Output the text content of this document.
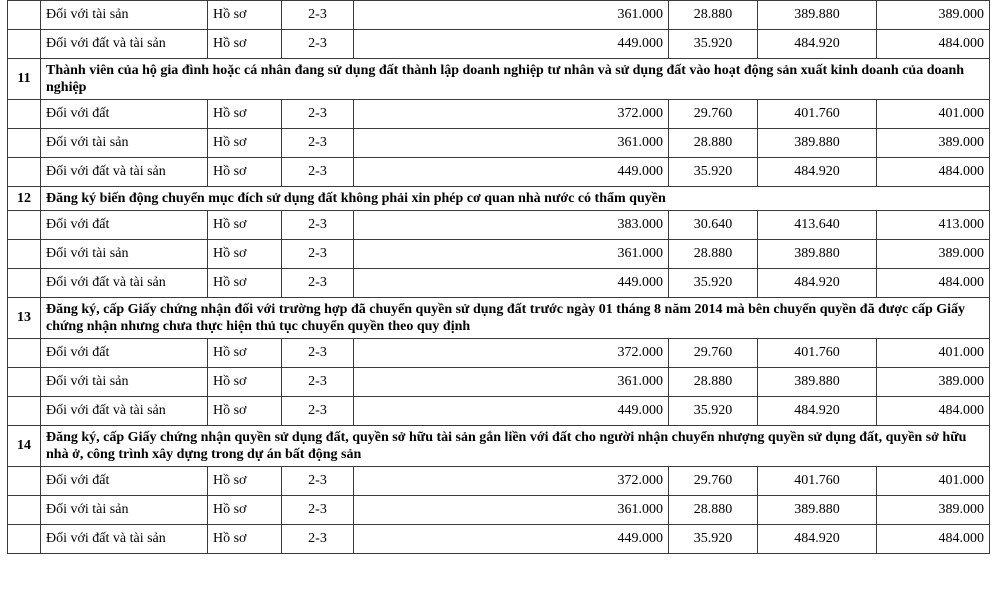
	Đối với tài sản	Hồ sơ	2-3	361.000	28.880	389.880	389.000
	Đối với đất và tài sản	Hồ sơ	2-3	449.000	35.920	484.920	484.000
11	Thành viên của hộ gia đình hoặc cá nhân đang sử dụng đất thành lập doanh nghiệp tư nhân và sử dụng đất vào hoạt động sản xuất kinh doanh của doanh nghiệp						
	Đối với đất	Hồ sơ	2-3	372.000	29.760	401.760	401.000
	Đối với tài sản	Hồ sơ	2-3	361.000	28.880	389.880	389.000
	Đối với đất và tài sản	Hồ sơ	2-3	449.000	35.920	484.920	484.000
12	Đăng ký biến động chuyển mục đích sử dụng đất không phải xin phép cơ quan nhà nước có thẩm quyền						
	Đối với đất	Hồ sơ	2-3	383.000	30.640	413.640	413.000
	Đối với tài sản	Hồ sơ	2-3	361.000	28.880	389.880	389.000
	Đối với đất và tài sản	Hồ sơ	2-3	449.000	35.920	484.920	484.000
13	Đăng ký, cấp Giấy chứng nhận đối với trường hợp đã chuyển quyền sử dụng đất trước ngày 01 tháng 8 năm 2014 mà bên chuyển quyền đã được cấp Giấy chứng nhận nhưng chưa thực hiện thủ tục chuyển quyền theo quy định						
	Đối với đất	Hồ sơ	2-3	372.000	29.760	401.760	401.000
	Đối với tài sản	Hồ sơ	2-3	361.000	28.880	389.880	389.000
	Đối với đất và tài sản	Hồ sơ	2-3	449.000	35.920	484.920	484.000
14	Đăng ký, cấp Giấy chứng nhận quyền sử dụng đất, quyền sở hữu tài sản gắn liền với đất cho người nhận chuyển nhượng quyền sử dụng đất, quyền sở hữu nhà ở, công trình xây dựng trong dự án bất động sản						
	Đối với đất	Hồ sơ	2-3	372.000	29.760	401.760	401.000
	Đối với tài sản	Hồ sơ	2-3	361.000	28.880	389.880	389.000
	Đối với đất và tài sản	Hồ sơ	2-3	449.000	35.920	484.920	484.000
